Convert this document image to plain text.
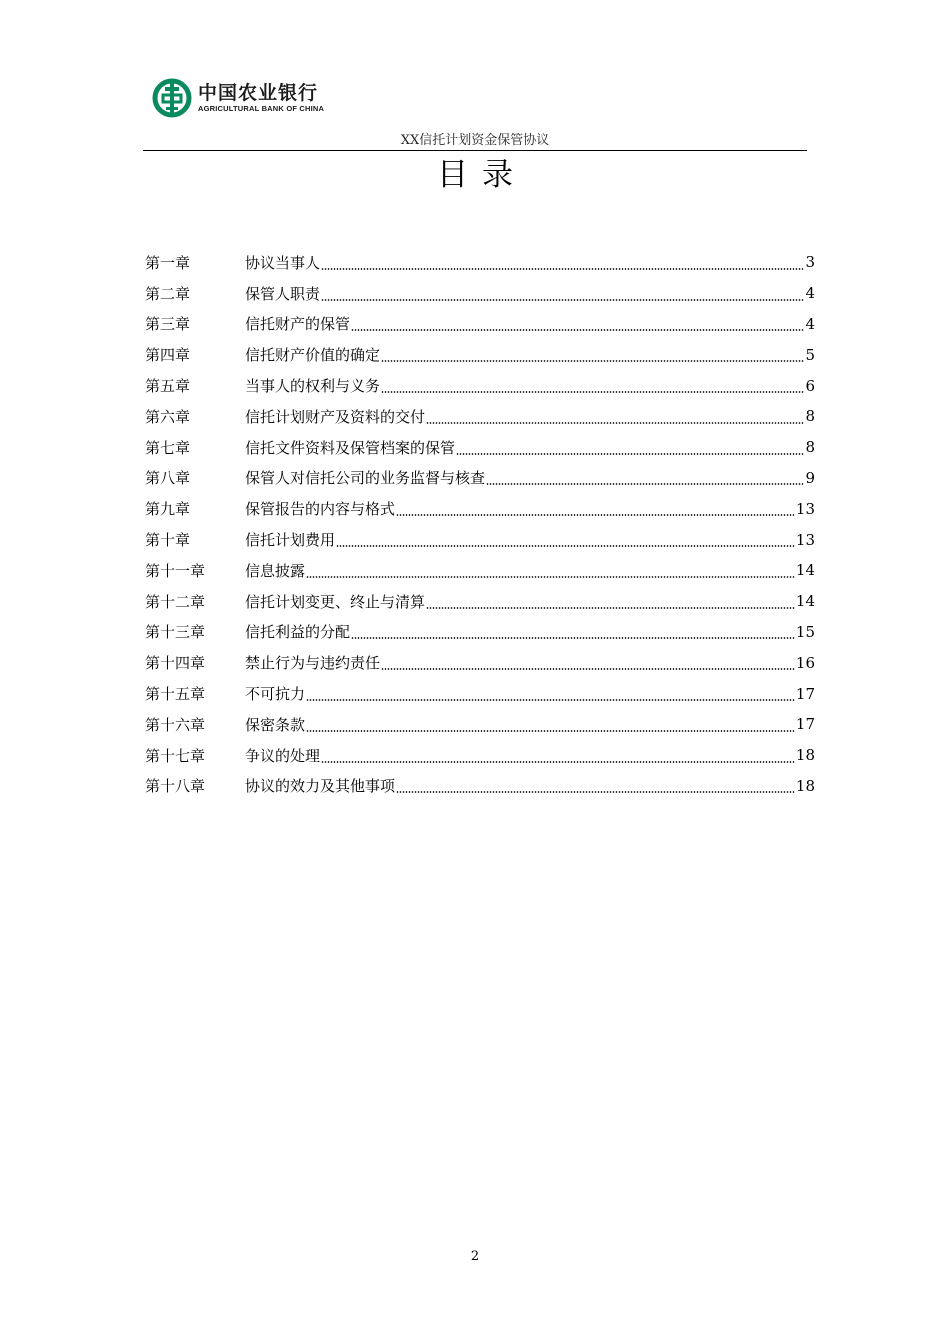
中国农业银行
AGRICULTURAL BANK OF CHINA
XX信托计划资金保管协议
目录
第一章	协议当事人	3
第二章	保管人职责	4
第三章	信托财产的保管	4
第四章	信托财产价值的确定	5
第五章	当事人的权利与义务	6
第六章	信托计划财产及资料的交付	8
第七章	信托文件资料及保管档案的保管	8
第八章	保管人对信托公司的业务监督与核查	9
第九章	保管报告的内容与格式	13
第十章	信托计划费用	13
第十一章	信息披露	14
第十二章	信托计划变更、终止与清算	14
第十三章	信托利益的分配	15
第十四章	禁止行为与违约责任	16
第十五章	不可抗力	17
第十六章	保密条款	17
第十七章	争议的处理	18
第十八章	协议的效力及其他事项	18
2
